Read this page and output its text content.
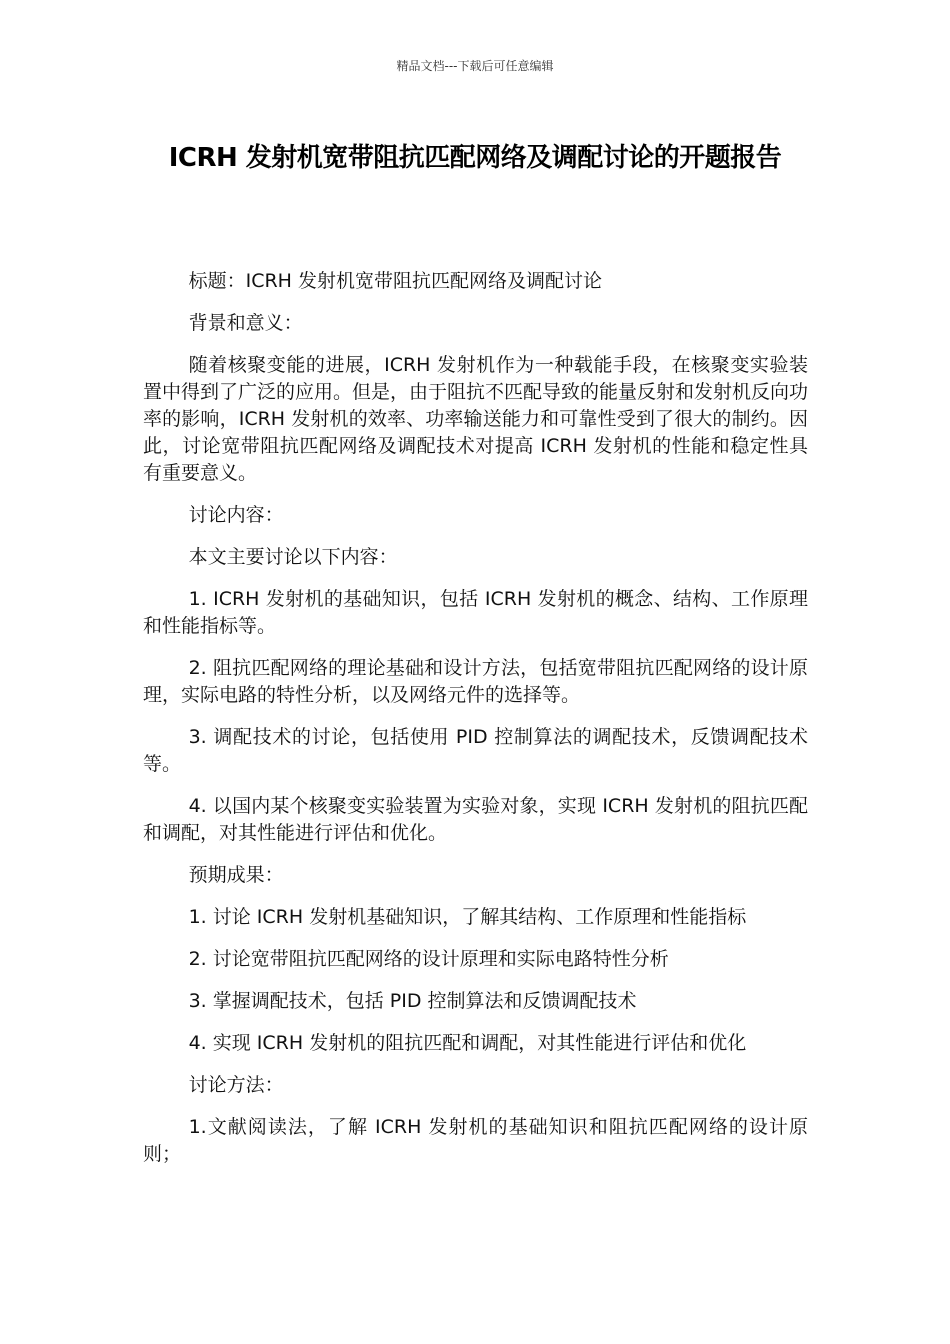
精品文档---下载后可任意编辑
ICRH 发射机宽带阻抗匹配网络及调配讨论的开题报告

标题：ICRH 发射机宽带阻抗匹配网络及调配讨论

背景和意义：

随着核聚变能的进展，ICRH 发射机作为一种载能手段，在核聚变实验装置中得到了广泛的应用。但是，由于阻抗不匹配导致的能量反射和发射机反向功率的影响，ICRH 发射机的效率、功率输送能力和可靠性受到了很大的制约。因此，讨论宽带阻抗匹配网络及调配技术对提高 ICRH 发射机的性能和稳定性具有重要意义。

讨论内容：

本文主要讨论以下内容：

1. ICRH 发射机的基础知识，包括 ICRH 发射机的概念、结构、工作原理和性能指标等。

2. 阻抗匹配网络的理论基础和设计方法，包括宽带阻抗匹配网络的设计原理，实际电路的特性分析，以及网络元件的选择等。

3. 调配技术的讨论，包括使用 PID 控制算法的调配技术，反馈调配技术等。

4. 以国内某个核聚变实验装置为实验对象，实现 ICRH 发射机的阻抗匹配和调配，对其性能进行评估和优化。

预期成果：

1. 讨论 ICRH 发射机基础知识，了解其结构、工作原理和性能指标

2. 讨论宽带阻抗匹配网络的设计原理和实际电路特性分析

3. 掌握调配技术，包括 PID 控制算法和反馈调配技术

4. 实现 ICRH 发射机的阻抗匹配和调配，对其性能进行评估和优化

讨论方法：

1.文献阅读法，了解 ICRH 发射机的基础知识和阻抗匹配网络的设计原则；
